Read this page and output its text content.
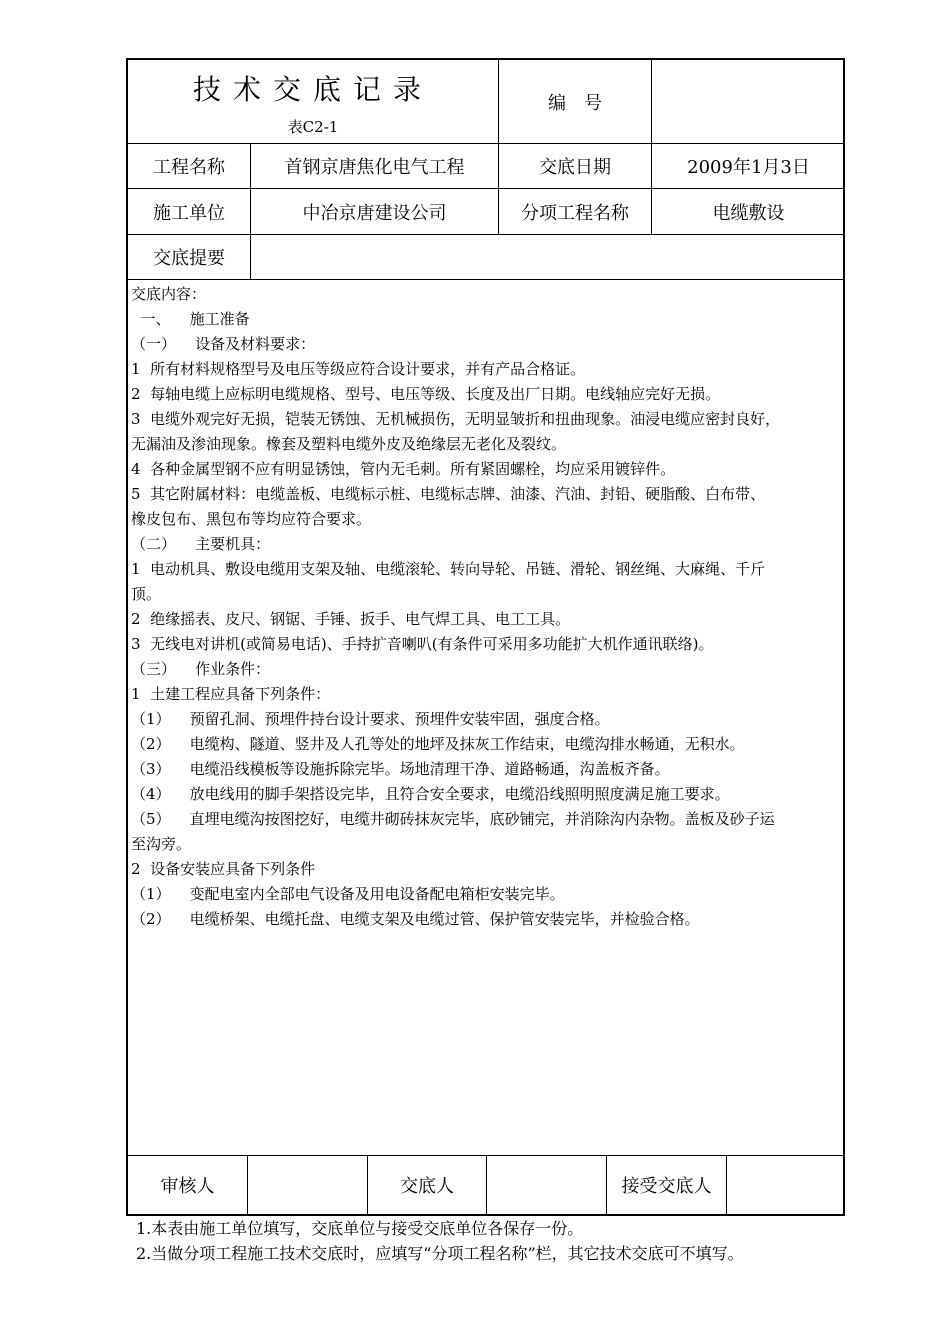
技术交底记录
表C2-1
编　号
工程名称	首钢京唐焦化电气工程	交底日期	2009年1月3日
施工单位	中冶京唐建设公司	分项工程名称	电缆敷设
交底提要
交底内容：
一、    施工准备
（一）    设备及材料要求：
1  所有材料规格型号及电压等级应符合设计要求，并有产品合格证。
2  每轴电缆上应标明电缆规格、型号、电压等级、长度及出厂日期。电线轴应完好无损。
3  电缆外观完好无损，铠装无锈蚀、无机械损伤，无明显皱折和扭曲现象。油浸电缆应密封良好，
无漏油及渗油现象。橡套及塑料电缆外皮及绝缘层无老化及裂纹。
4  各种金属型钢不应有明显锈蚀，管内无毛刺。所有紧固螺栓，均应采用镀锌件。
5  其它附属材料：电缆盖板、电缆标示桩、电缆标志牌、油漆、汽油、封铅、硬脂酸、白布带、
橡皮包布、黑包布等均应符合要求。
（二）    主要机具：
1  电动机具、敷设电缆用支架及轴、电缆滚轮、转向导轮、吊链、滑轮、钢丝绳、大麻绳、千斤
顶。
2  绝缘摇表、皮尺、钢锯、手锤、扳手、电气焊工具、电工工具。
3  无线电对讲机(或简易电话)、手持扩音喇叭(有条件可采用多功能扩大机作通讯联络)。
（三）    作业条件：
1  土建工程应具备下列条件：
（1）    预留孔洞、预埋件持台设计要求、预埋件安装牢固，强度合格。
（2）    电缆构、隧道、竖井及人孔等处的地坪及抹灰工作结束，电缆沟排水畅通，无积水。
（3）    电缆沿线模板等设施拆除完毕。场地清理干净、道路畅通，沟盖板齐备。
（4）    放电线用的脚手架搭设完毕，且符合安全要求，电缆沿线照明照度满足施工要求。
（5）    直埋电缆沟按图挖好，电缆井砌砖抹灰完毕，底砂铺完，并消除沟内杂物。盖板及砂子运
至沟旁。
2  设备安装应具备下列条件
（1）    变配电室内全部电气设备及用电设备配电箱柜安装完毕。
（2）    电缆桥架、电缆托盘、电缆支架及电缆过管、保护管安装完毕，并检验合格。
审核人	交底人	接受交底人
1.本表由施工单位填写，交底单位与接受交底单位各保存一份。
2.当做分项工程施工技术交底时，应填写“分项工程名称”栏，其它技术交底可不填写。
